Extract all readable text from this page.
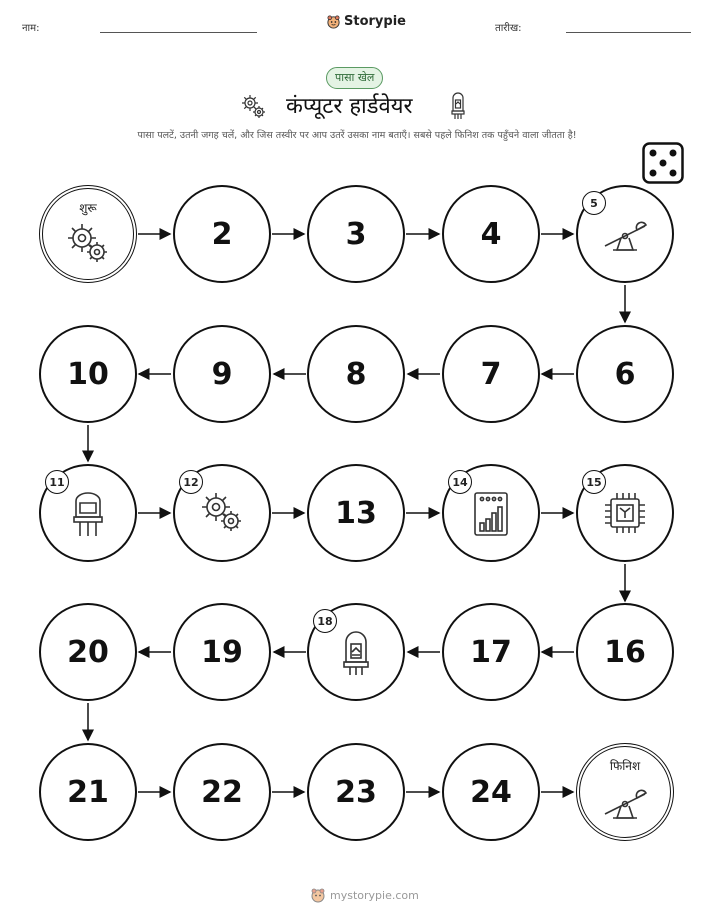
नाम:	Storypie	तारीख:
पासा खेल
कंप्यूटर हार्डवेयर
पासा पलटें, उतनी जगह चलें, और जिस तस्वीर पर आप उतरें उसका नाम बताएँ। सबसे पहले फिनिश तक पहुँचने वाला जीतता है!
शुरू
2	3	4
5
6
7
8
9
10
11	12
13
14	15
16
17
18
19
20
21	22	23	24
फिनिश
mystorypie.com
